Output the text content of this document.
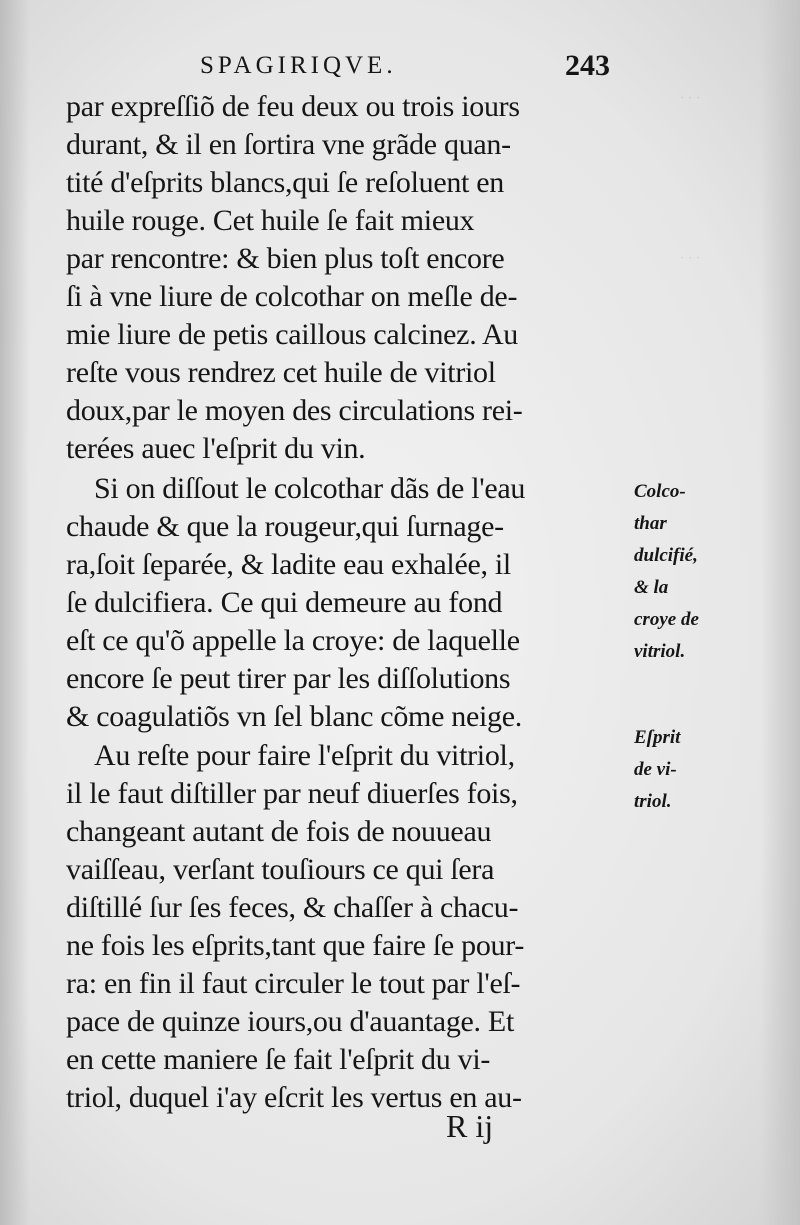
· · ·
· · ·
SPAGIRIQVE.	243
par expreſſiõ de feu deux ou trois iours
durant, & il en ſortira vne grãde quan-
tité d'eſprits blancs,qui ſe reſoluent en
huile rouge. Cet huile ſe fait mieux
par rencontre: & bien plus toſt encore
ſi à vne liure de colcothar on meſle de-
mie liure de petis caillous calcinez. Au
reſte vous rendrez cet huile de vitriol
doux,par le moyen des circulations rei-
terées auec l'eſprit du vin.
Si on diſſout le colcothar dãs de l'eau
chaude & que la rougeur,qui ſurnage-
ra,ſoit ſeparée, & ladite eau exhalée, il
ſe dulcifiera. Ce qui demeure au fond
eſt ce qu'õ appelle la croye: de laquelle
encore ſe peut tirer par les diſſolutions
& coagulatiõs vn ſel blanc cõme neige.
Au reſte pour faire l'eſprit du vitriol,
il le faut diſtiller par neuf diuerſes fois,
changeant autant de fois de nouueau
vaiſſeau, verſant touſiours ce qui ſera
diſtillé ſur ſes feces, & chaſſer à chacu-
ne fois les eſprits,tant que faire ſe pour-
ra: en fin il faut circuler le tout par l'eſ-
pace de quinze iours,ou d'auantage. Et
en cette maniere ſe fait l'eſprit du vi-
triol, duquel i'ay eſcrit les vertus en au-
Colco-
thar
dulcifié,
& la
croye de
vitriol.
Eſprit
de vi-
triol.
R ij
